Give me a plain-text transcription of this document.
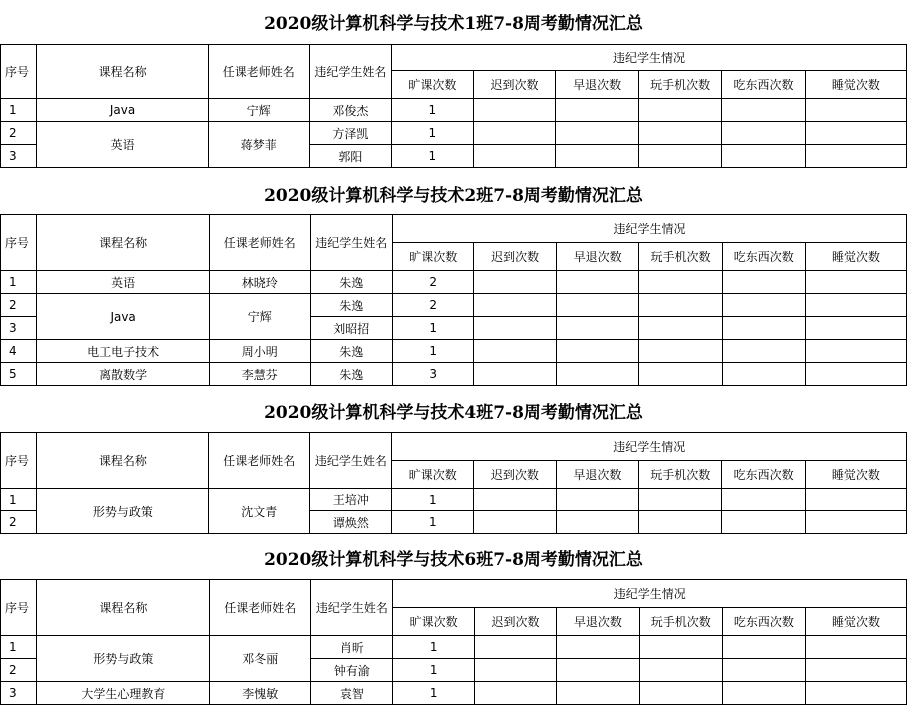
2020级计算机科学与技术1班7-8周考勤情况汇总
序号	课程名称	任课老师姓名	违纪学生姓名	违纪学生情况					
				旷课次数	迟到次数	早退次数	玩手机次数	吃东西次数	睡觉次数
1	Java	宁辉	邓俊杰	1					
2	英语	蒋梦菲	方泽凯	1					
3			郭阳	1					
2020级计算机科学与技术2班7-8周考勤情况汇总
序号	课程名称	任课老师姓名	违纪学生姓名	违纪学生情况					
				旷课次数	迟到次数	早退次数	玩手机次数	吃东西次数	睡觉次数
1	英语	林晓玲	朱逸	2					
2	Java	宁辉	朱逸	2					
3			刘昭招	1					
4	电工电子技术	周小明	朱逸	1					
5	离散数学	李慧芬	朱逸	3					
2020级计算机科学与技术4班7-8周考勤情况汇总
序号	课程名称	任课老师姓名	违纪学生姓名	违纪学生情况					
				旷课次数	迟到次数	早退次数	玩手机次数	吃东西次数	睡觉次数
1	形势与政策	沈文青	王培冲	1					
2			谭焕然	1					
2020级计算机科学与技术6班7-8周考勤情况汇总
序号	课程名称	任课老师姓名	违纪学生姓名	违纪学生情况					
				旷课次数	迟到次数	早退次数	玩手机次数	吃东西次数	睡觉次数
1	形势与政策	邓冬丽	肖昕	1					
2			钟有渝	1					
3	大学生心理教育	李愧敏	袁智	1					
